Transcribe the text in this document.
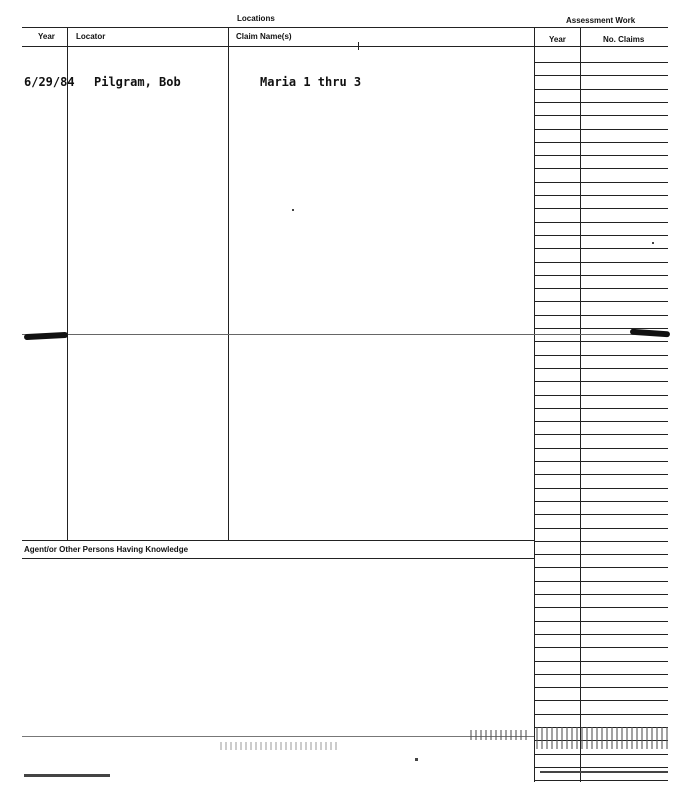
Locations	Assessment Work
Year	Locator	Claim Name(s)	Year	No. Claims
Agent/or Other Persons Having Knowledge
6/29/84 Pilgram, Bob	Maria 1 thru 3
